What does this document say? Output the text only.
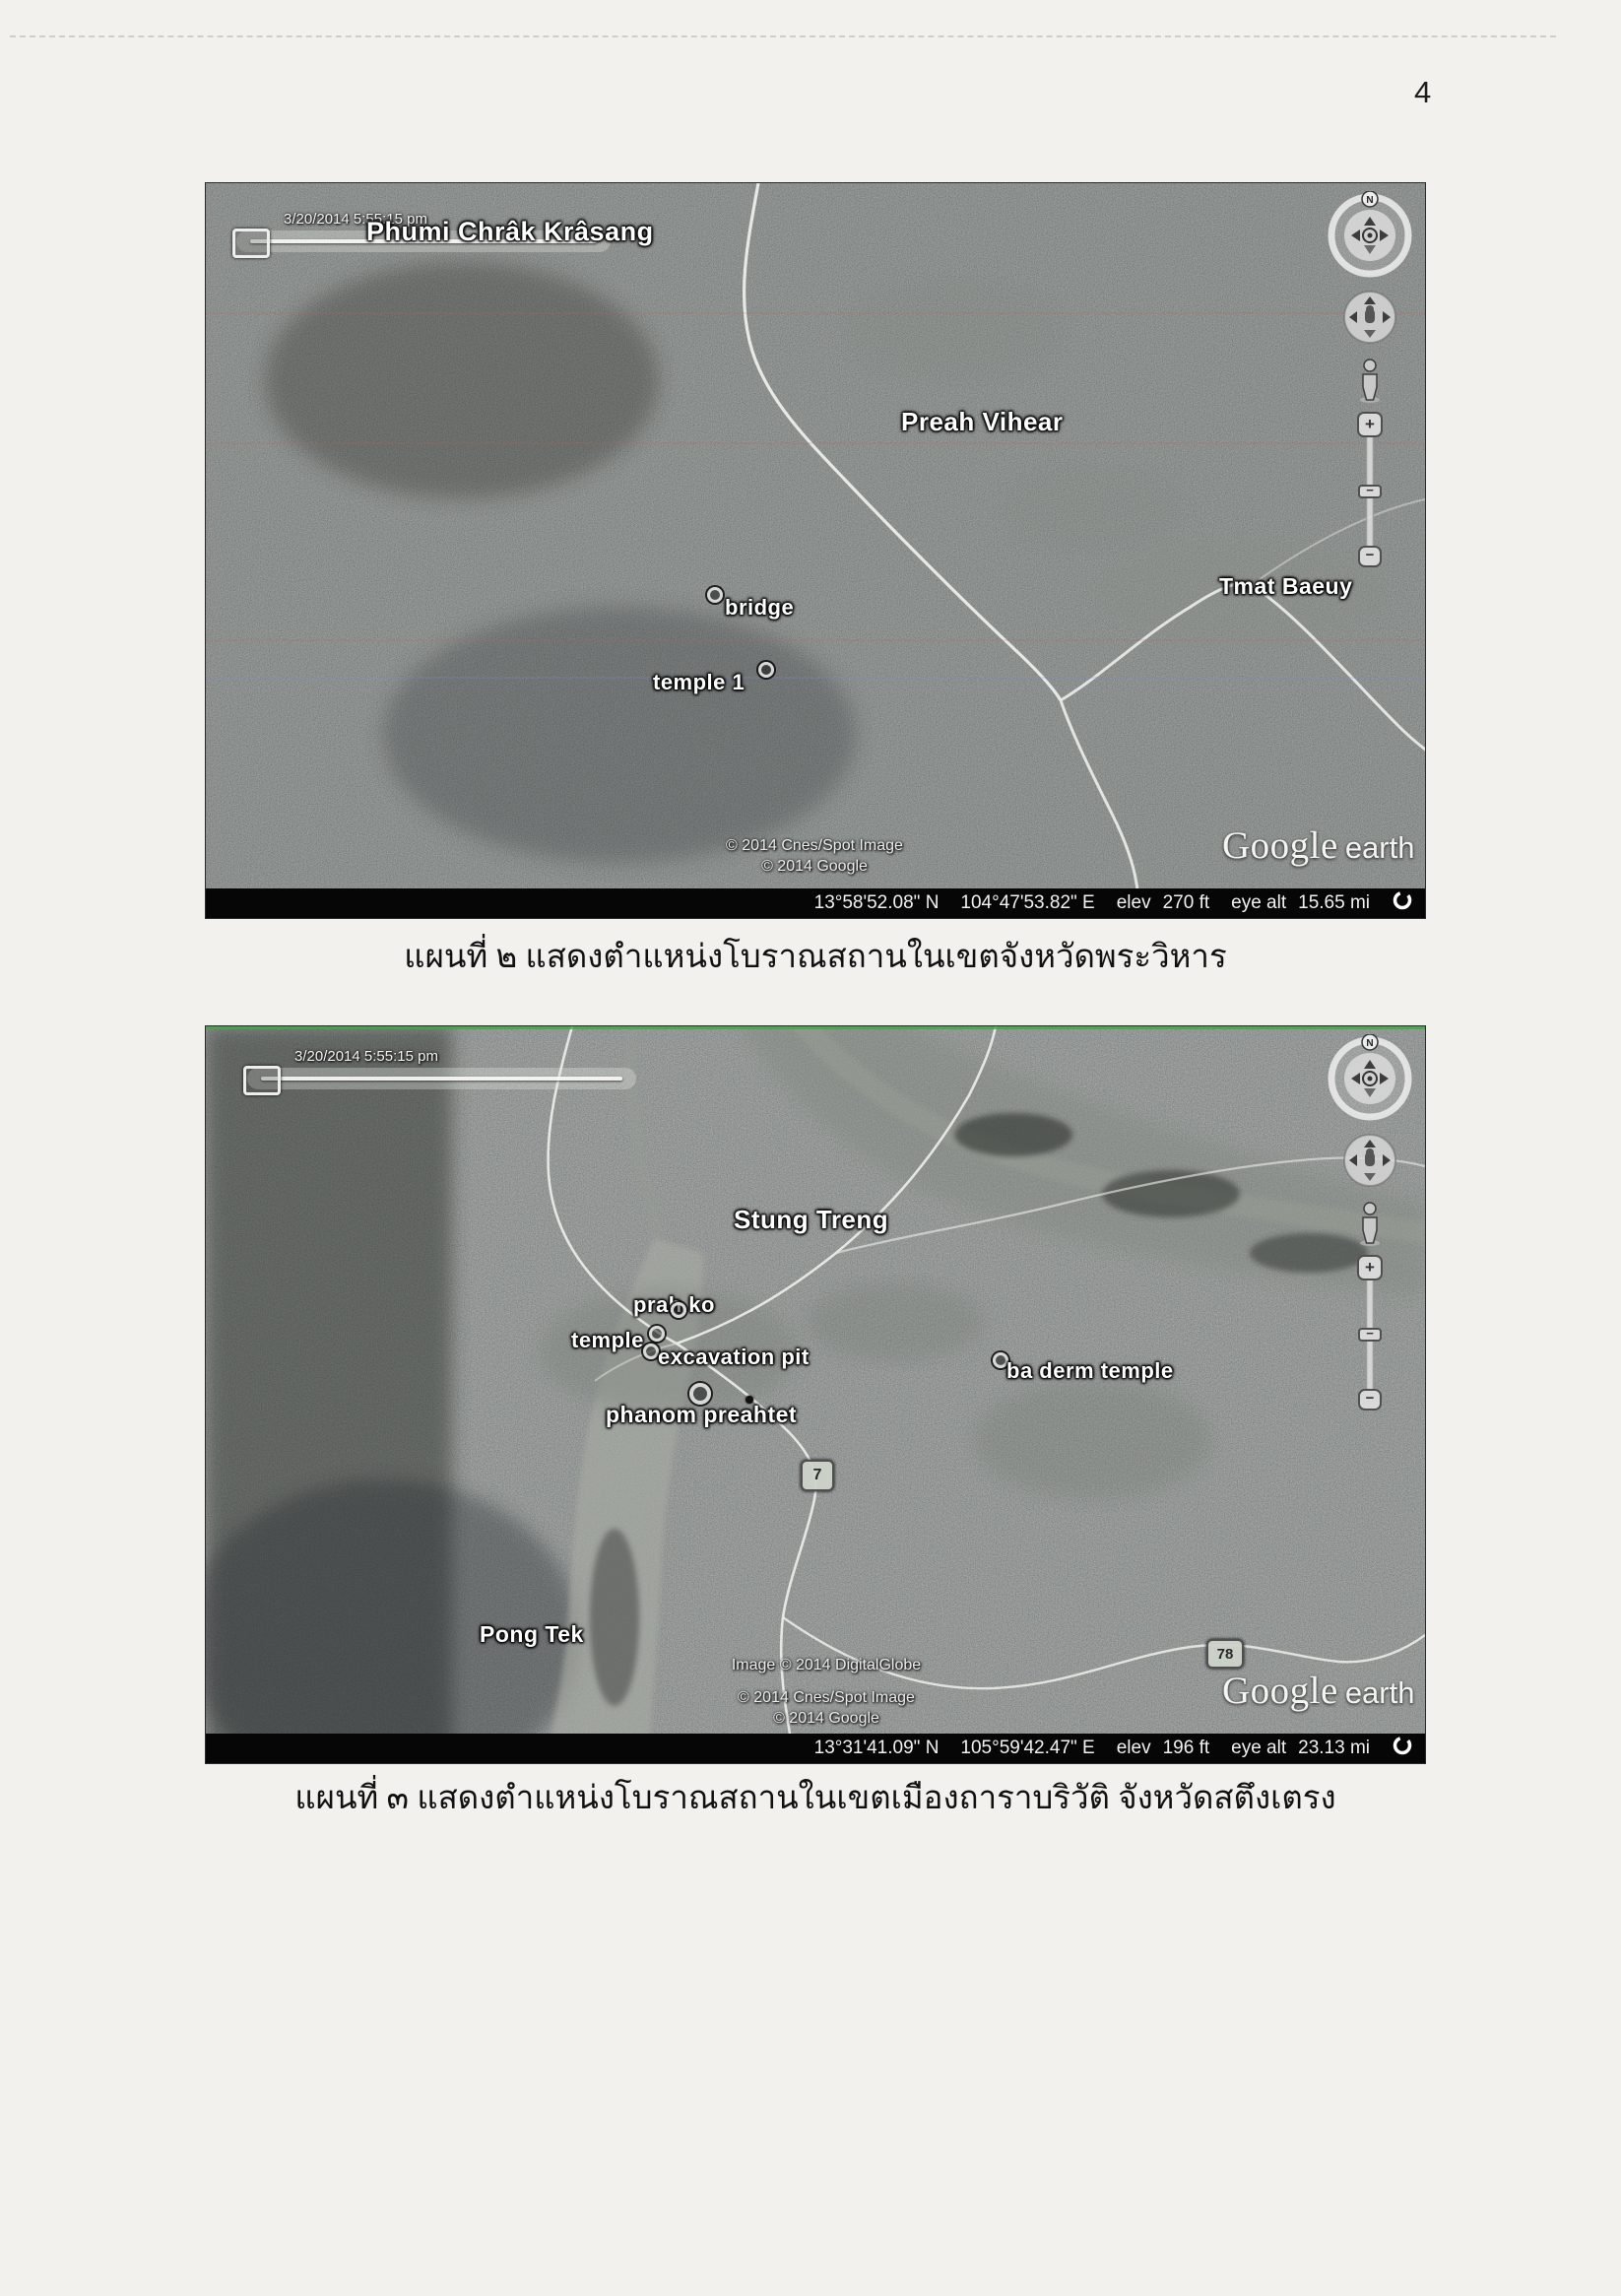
4
3/20/2014 5:55:15 pm
Phumi Chrâk Krâsang
Preah Vihear
bridge
temple 1
Tmat Baeuy
N
+
−
−
© 2014 Cnes/Spot Image
© 2014 Google	Google earth
13°58'52.08" N 104°47'53.82" E elev 270 ft eye alt 15.65 mi
แผนที่ ๒ แสดงตำแหน่งโบราณสถานในเขตจังหวัดพระวิหาร
3/20/2014 5:55:15 pm
Stung Treng
prah ko
temple
excavation pit
phanom preahtet
ba derm temple
Pong Tek
7
78
N
+
−
−
Image © 2014 DigitalGlobe
© 2014 Cnes/Spot Image
© 2014 Google
Google earth
13°31'41.09" N 105°59'42.47" E elev 196 ft eye alt 23.13 mi
แผนที่ ๓ แสดงตำแหน่งโบราณสถานในเขตเมืองถาราบริวัติ จังหวัดสตึงเตรง
